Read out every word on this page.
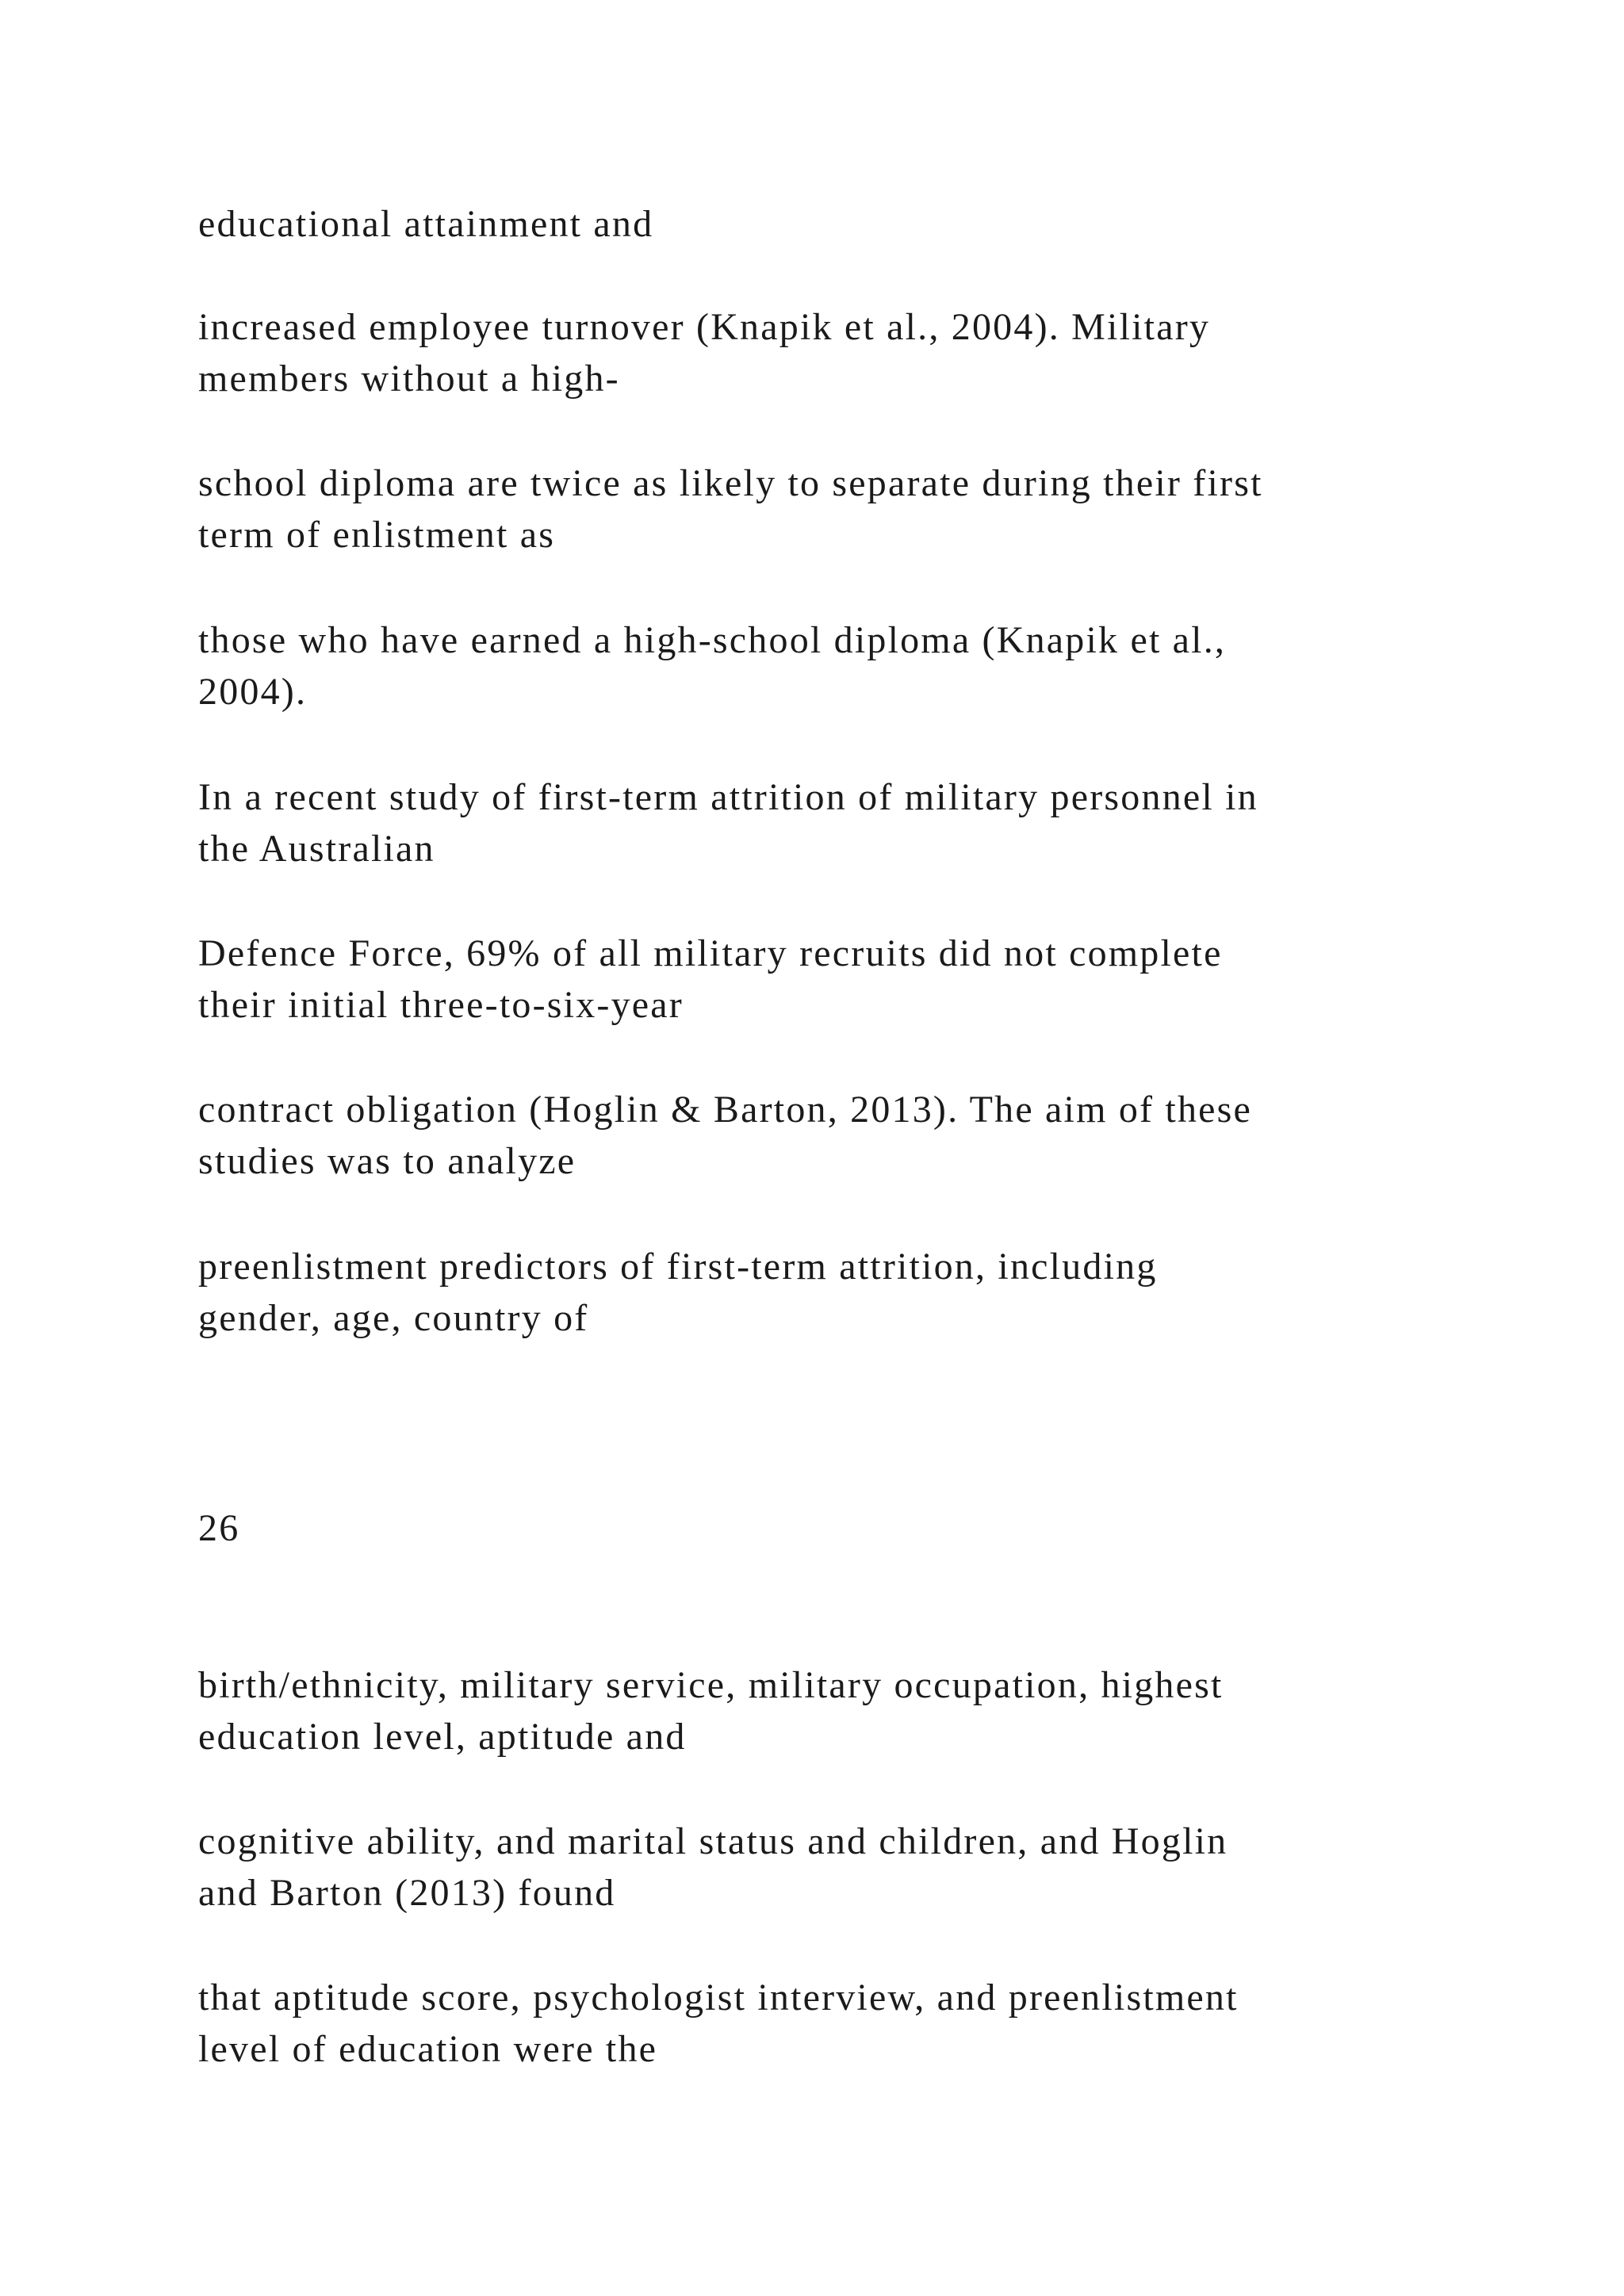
educational attainment and

increased employee turnover (Knapik et al., 2004). Military
members without a high-

school diploma are twice as likely to separate during their first
term of enlistment as

those who have earned a high-school diploma (Knapik et al.,
2004).

In a recent study of first-term attrition of military personnel in
the Australian

Defence Force, 69% of all military recruits did not complete
their initial three-to-six-year

contract obligation (Hoglin & Barton, 2013). The aim of these
studies was to analyze

preenlistment predictors of first-term attrition, including
gender, age, country of

26

birth/ethnicity, military service, military occupation, highest
education level, aptitude and

cognitive ability, and marital status and children, and Hoglin
and Barton (2013) found

that aptitude score, psychologist interview, and preenlistment
level of education were the
